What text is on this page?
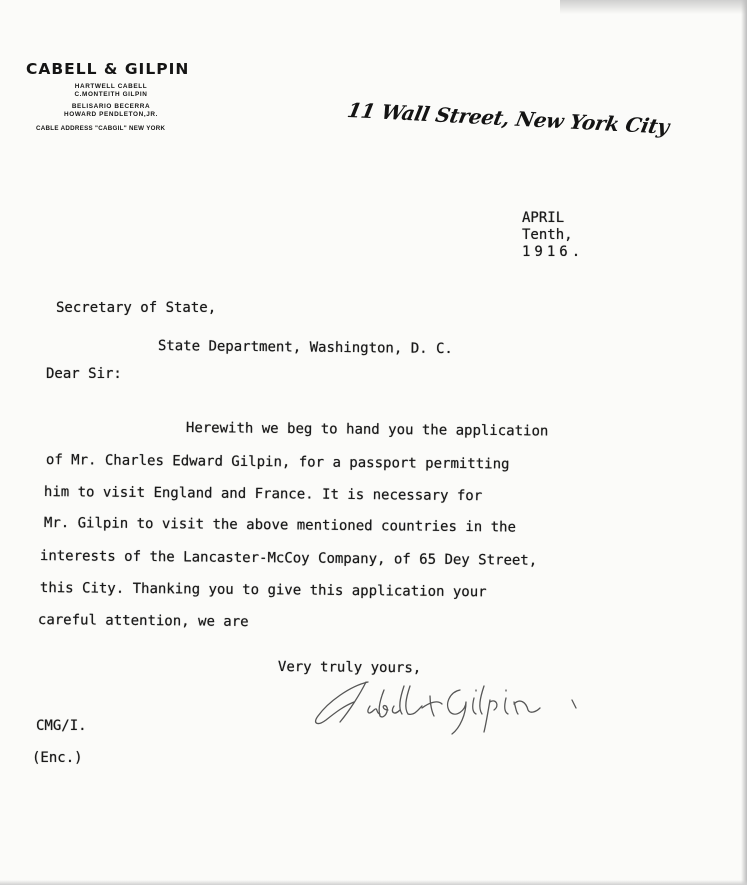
CABELL & GILPIN
HARTWELL CABELL
C.MONTEITH GILPIN
BELISARIO BECERRA
HOWARD PENDLETON,JR.
CABLE ADDRESS "CABGIL" NEW YORK	11 Wall Street, New York City
APRIL
Tenth,
1916.
Secretary of State,
State Department, Washington, D. C.
Dear Sir:
Herewith we beg to hand you the application
of Mr. Charles Edward Gilpin, for a passport permitting
him to visit England and France. It is necessary for
Mr. Gilpin to visit the above mentioned countries in the
interests of the Lancaster-McCoy Company, of 65 Dey Street,
this City. Thanking you to give this application your
careful attention, we are
Very truly yours,
CMG/I.
(Enc.)
